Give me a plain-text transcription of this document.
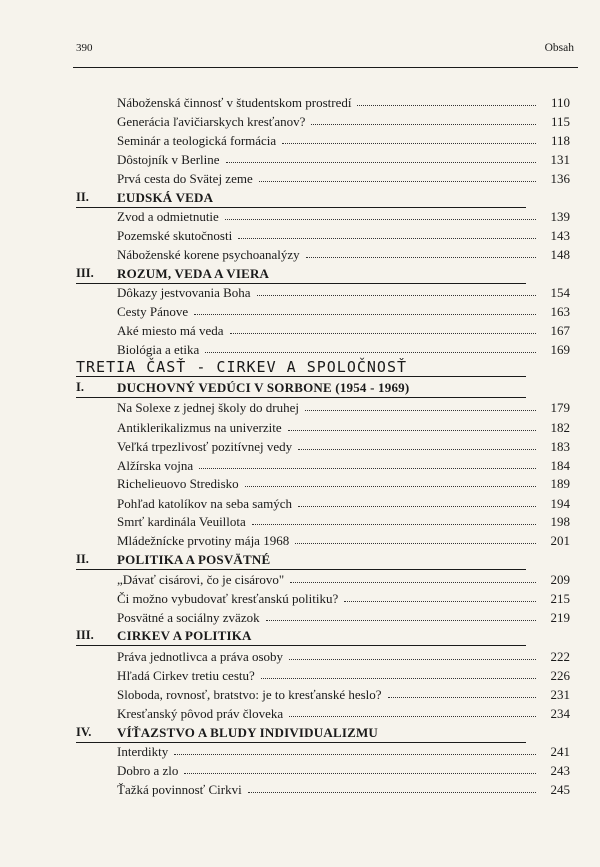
390	Obsah
Náboženská činnosť v študentskom prostredí	110
Generácia ľavičiarskych kresťanov?	115
Seminár a teologická formácia	118
Dôstojník v Berline	131
Prvá cesta do Svätej zeme	136
II.	ĽUDSKÁ VEDA
Zvod a odmietnutie	139
Pozemské skutočnosti	143
Náboženské korene psychoanalýzy	148
III.	ROZUM, VEDA A VIERA
Dôkazy jestvovania Boha	154
Cesty Pánove	163
Aké miesto má veda	167
Biológia a etika	169
TRETIA ČASŤ - CIRKEV A SPOLOČNOSŤ
I.	DUCHOVNÝ VEDÚCI V SORBONE (1954 - 1969)
Na Solexe z jednej školy do druhej	179
Antiklerikalizmus na univerzite	182
Veľká trpezlivosť pozitívnej vedy	183
Alžírska vojna	184
Richelieuovo Stredisko	189
Pohľad katolíkov na seba samých	194
Smrť kardinála Veuillota	198
Mládežnícke prvotiny mája 1968	201
II.	POLITIKA A POSVÄTNÉ
„Dávať cisárovi, čo je cisárovo"	209
Či možno vybudovať kresťanskú politiku?	215
Posvätné a sociálny zväzok	219
III.	CIRKEV A POLITIKA
Práva jednotlivca a práva osoby	222
Hľadá Cirkev tretiu cestu?	226
Sloboda, rovnosť, bratstvo: je to kresťanské heslo?	231
Kresťanský pôvod práv človeka	234
IV.	VÍŤAZSTVO A BLUDY INDIVIDUALIZMU
Interdikty	241
Dobro a zlo	243
Ťažká povinnosť Cirkvi	245
